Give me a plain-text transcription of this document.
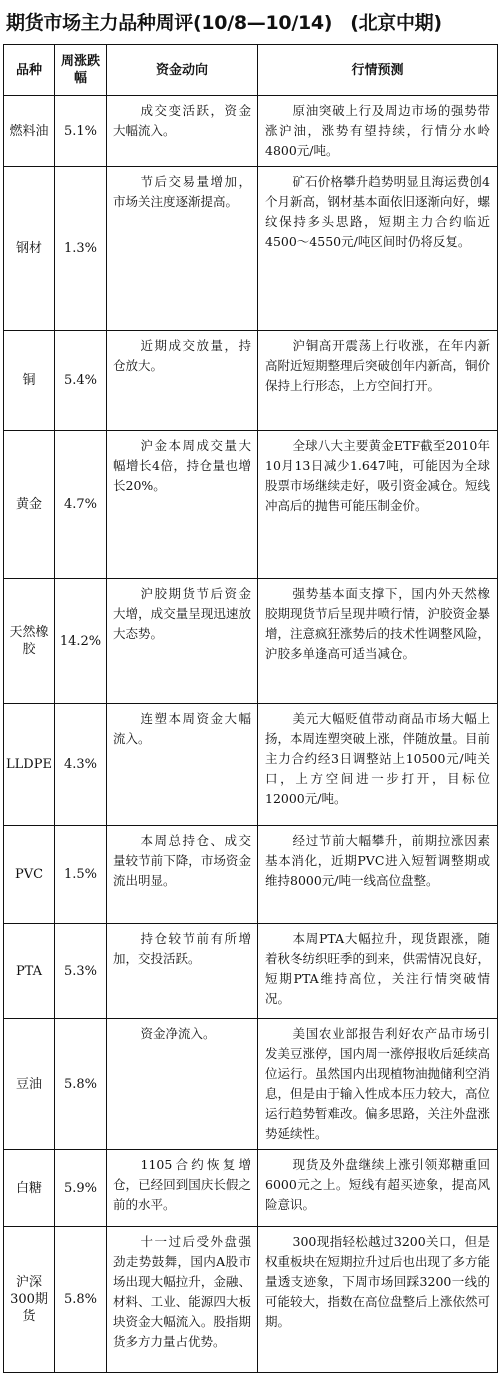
期货市场主力品种周评(10/8—10/14) (北京中期)
品种	周涨跌幅	资金动向	行情预测
燃料油	5.1%	成交变活跃，资金大幅流入。	原油突破上行及周边市场的强势带涨沪油，涨势有望持续，行情分水岭4800元/吨。
钢材	1.3%	节后交易量增加，市场关注度逐渐提高。	矿石价格攀升趋势明显且海运费创4个月新高，钢材基本面依旧逐渐向好，螺纹保持多头思路，短期主力合约临近4500～4550元/吨区间时仍将反复。
铜	5.4%	近期成交放量，持仓放大。	沪铜高开震荡上行收涨，在年内新高附近短期整理后突破创年内新高，铜价保持上行形态，上方空间打开。
黄金	4.7%	沪金本周成交量大幅增长4倍，持仓量也增长20%。	全球八大主要黄金ETF截至2010年10月13日减少1.647吨，可能因为全球股票市场继续走好，吸引资金减仓。短线冲高后的抛售可能压制金价。
天然橡胶	14.2%	沪胶期货节后资金大增，成交量呈现迅速放大态势。	强势基本面支撑下，国内外天然橡胶期现货节后呈现井喷行情，沪胶资金暴增，注意疯狂涨势后的技术性调整风险，沪胶多单逢高可适当减仓。
LLDPE	4.3%	连塑本周资金大幅流入。	美元大幅贬值带动商品市场大幅上扬，本周连塑突破上涨，伴随放量。目前主力合约经3日调整站上10500元/吨关口，上方空间进一步打开，目标位12000元/吨。
PVC	1.5%	本周总持仓、成交量较节前下降，市场资金流出明显。	经过节前大幅攀升，前期拉涨因素基本消化，近期PVC进入短暂调整期或维持8000元/吨一线高位盘整。
PTA	5.3%	持仓较节前有所增加，交投活跃。	本周PTA大幅拉升，现货跟涨，随着秋冬纺织旺季的到来，供需情况良好，短期PTA维持高位，关注行情突破情况。
豆油	5.8%	资金净流入。	美国农业部报告利好农产品市场引发美豆涨停，国内周一涨停报收后延续高位运行。虽然国内出现植物油抛储利空消息，但是由于输入性成本压力较大，高位运行趋势暂难改。偏多思路，关注外盘涨势延续性。
白糖	5.9%	1105合约恢复增仓，已经回到国庆长假之前的水平。	现货及外盘继续上涨引领郑糖重回6000元之上。短线有超买迹象，提高风险意识。
沪深300期货	5.8%	十一过后受外盘强劲走势鼓舞，国内A股市场出现大幅拉升，金融、材料、工业、能源四大板块资金大幅流入。股指期货多方力量占优势。	300现指轻松越过3200关口，但是权重板块在短期拉升过后也出现了多方能量透支迹象，下周市场回踩3200一线的可能较大，指数在高位盘整后上涨依然可期。
